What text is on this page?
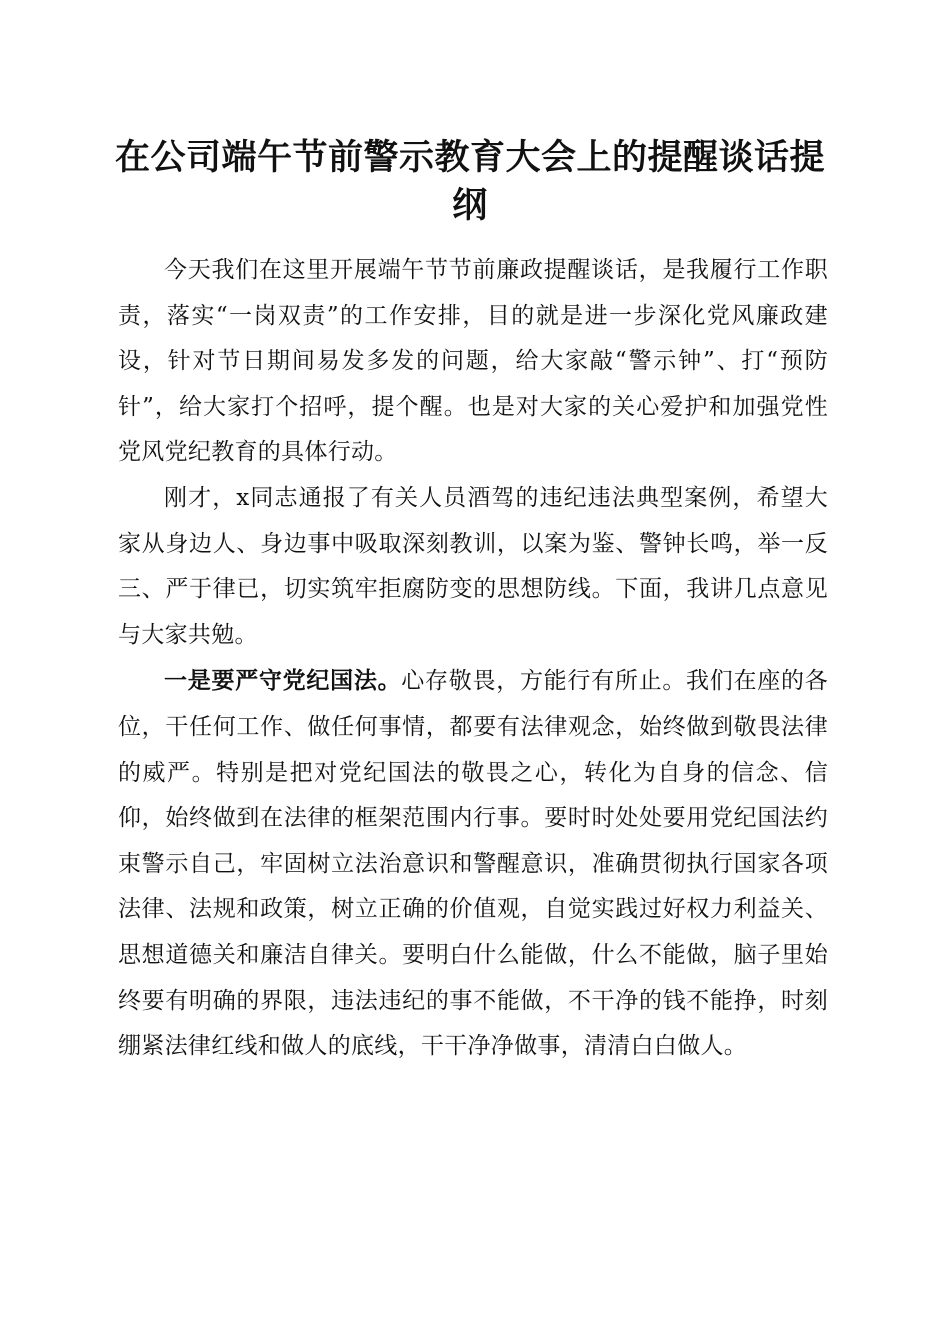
在公司端午节前警示教育大会上的提醒谈话提纲

今天我们在这里开展端午节节前廉政提醒谈话，是我履行工作职责，落实“一岗双责”的工作安排，目的就是进一步深化党风廉政建设，针对节日期间易发多发的问题，给大家敲“警示钟”、打“预防针”，给大家打个招呼，提个醒。也是对大家的关心爱护和加强党性党风党纪教育的具体行动。

刚才，x同志通报了有关人员酒驾的违纪违法典型案例，希望大家从身边人、身边事中吸取深刻教训，以案为鉴、警钟长鸣，举一反三、严于律已，切实筑牢拒腐防变的思想防线。下面，我讲几点意见与大家共勉。

一是要严守党纪国法。心存敬畏，方能行有所止。我们在座的各位，干任何工作、做任何事情，都要有法律观念，始终做到敬畏法律的威严。特别是把对党纪国法的敬畏之心，转化为自身的信念、信仰，始终做到在法律的框架范围内行事。要时时处处要用党纪国法约束警示自己，牢固树立法治意识和警醒意识，准确贯彻执行国家各项法律、法规和政策，树立正确的价值观，自觉实践过好权力利益关、思想道德关和廉洁自律关。要明白什么能做，什么不能做，脑子里始终要有明确的界限，违法违纪的事不能做，不干净的钱不能挣，时刻绷紧法律红线和做人的底线，干干净净做事，清清白白做人。
